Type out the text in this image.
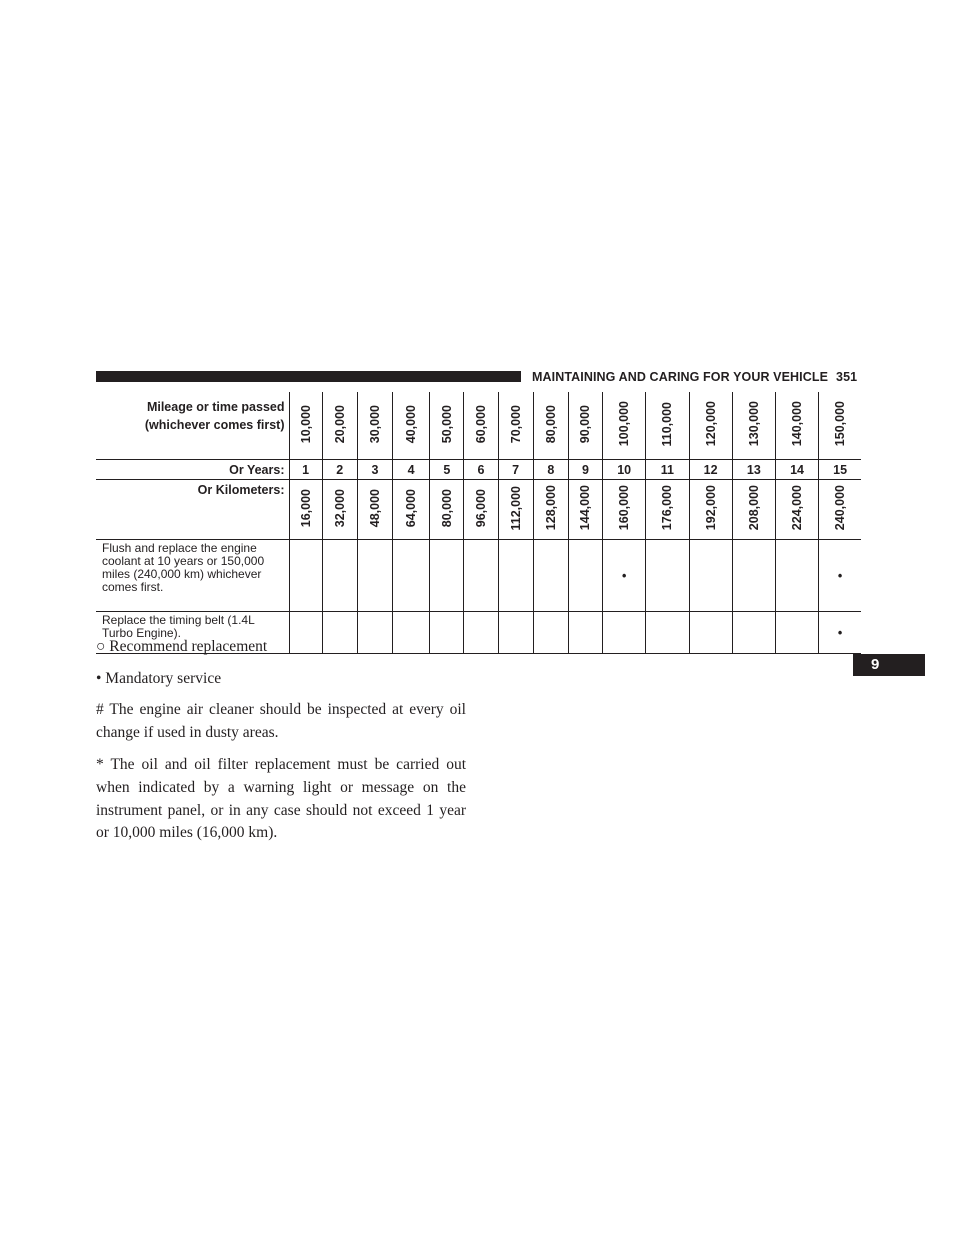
MAINTAINING AND CARING FOR YOUR VEHICLE 351
Mileage or time passed
(whichever comes first)	10,000	20,000	30,000	40,000	50,000	60,000	70,000	80,000	90,000	100,000	110,000	120,000	130,000	140,000	150,000
Or Years:	1	2	3	4	5	6	7	8	9	10	11	12	13	14	15
Or Kilometers:	16,000	32,000	48,000	64,000	80,000	96,000	112,000	128,000	144,000	160,000	176,000	192,000	208,000	224,000	240,000
Flush and replace the engine coolant at 10 years or 150,000 miles (240,000 km) whichever comes first.										•					•
Replace the timing belt (1.4L Turbo Engine).															•

○ Recommend replacement

• Mandatory service

# The engine air cleaner should be inspected at every oil change if used in dusty areas.

* The oil and oil filter replacement must be carried out when indicated by a warning light or message on the instrument panel, or in any case should not exceed 1 year or 10,000 miles (16,000 km).

9
